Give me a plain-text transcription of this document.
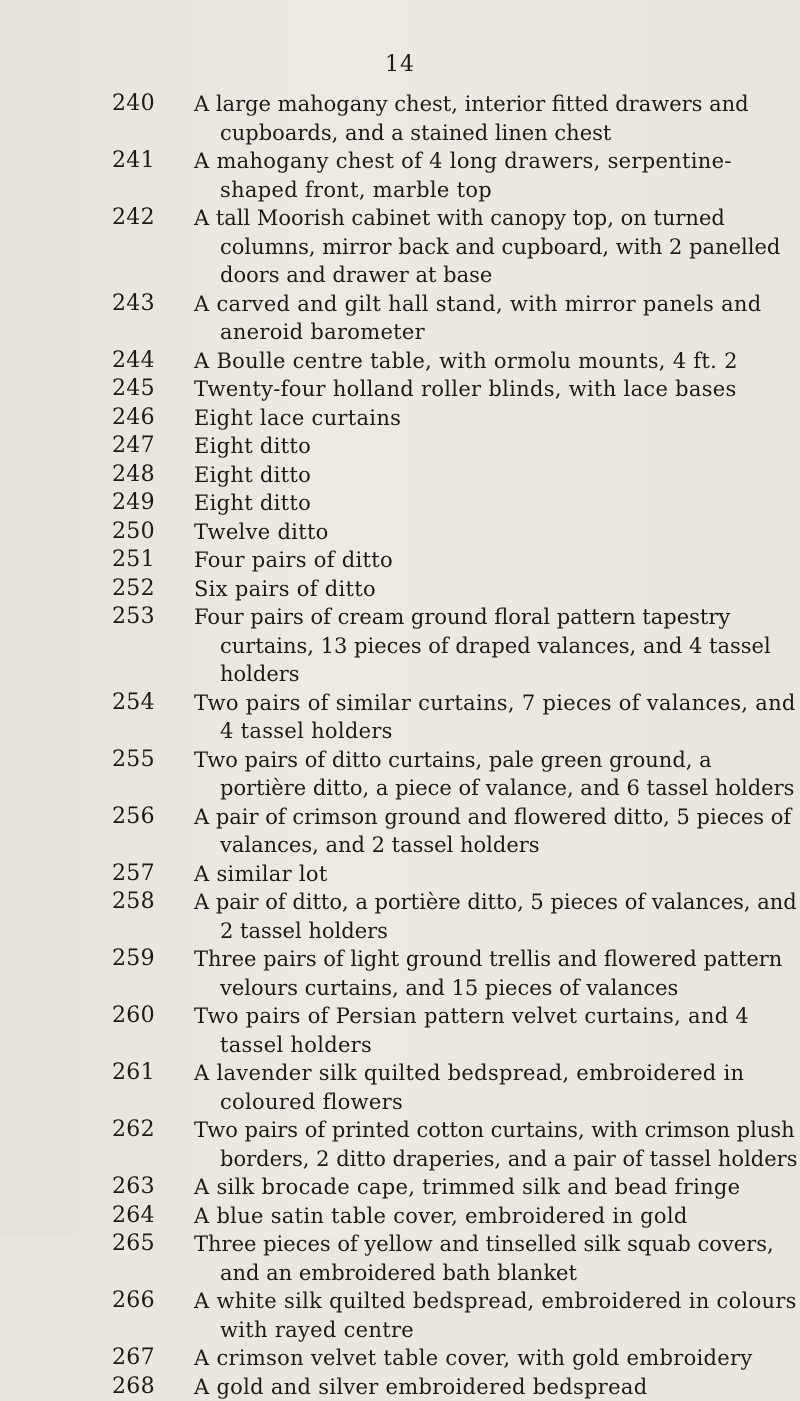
14
240 A large mahogany chest, interior fitted drawers and cupboards, and a stained linen chest
241 A mahogany chest of 4 long drawers, serpentine-shaped front, marble top
242 A tall Moorish cabinet with canopy top, on turned columns, mirror back and cupboard, with 2 panelled doors and drawer at base
243 A carved and gilt hall stand, with mirror panels and aneroid barometer
244 A Boulle centre table, with ormolu mounts, 4 ft. 2
245 Twenty-four holland roller blinds, with lace bases
246 Eight lace curtains
247 Eight ditto
248 Eight ditto
249 Eight ditto
250 Twelve ditto
251 Four pairs of ditto
252 Six pairs of ditto
253 Four pairs of cream ground floral pattern tapestry curtains, 13 pieces of draped valances, and 4 tassel holders
254 Two pairs of similar curtains, 7 pieces of valances, and 4 tassel holders
255 Two pairs of ditto curtains, pale green ground, a portière ditto, a piece of valance, and 6 tassel holders
256 A pair of crimson ground and flowered ditto, 5 pieces of valances, and 2 tassel holders
257 A similar lot
258 A pair of ditto, a portière ditto, 5 pieces of valances, and 2 tassel holders
259 Three pairs of light ground trellis and flowered pattern velours curtains, and 15 pieces of valances
260 Two pairs of Persian pattern velvet curtains, and 4 tassel holders
261 A lavender silk quilted bedspread, embroidered in coloured flowers
262 Two pairs of printed cotton curtains, with crimson plush borders, 2 ditto draperies, and a pair of tassel holders
263 A silk brocade cape, trimmed silk and bead fringe
264 A blue satin table cover, embroidered in gold
265 Three pieces of yellow and tinselled silk squab covers, and an embroidered bath blanket
266 A white silk quilted bedspread, embroidered in colours with rayed centre
267 A crimson velvet table cover, with gold embroidery
268 A gold and silver embroidered bedspread
